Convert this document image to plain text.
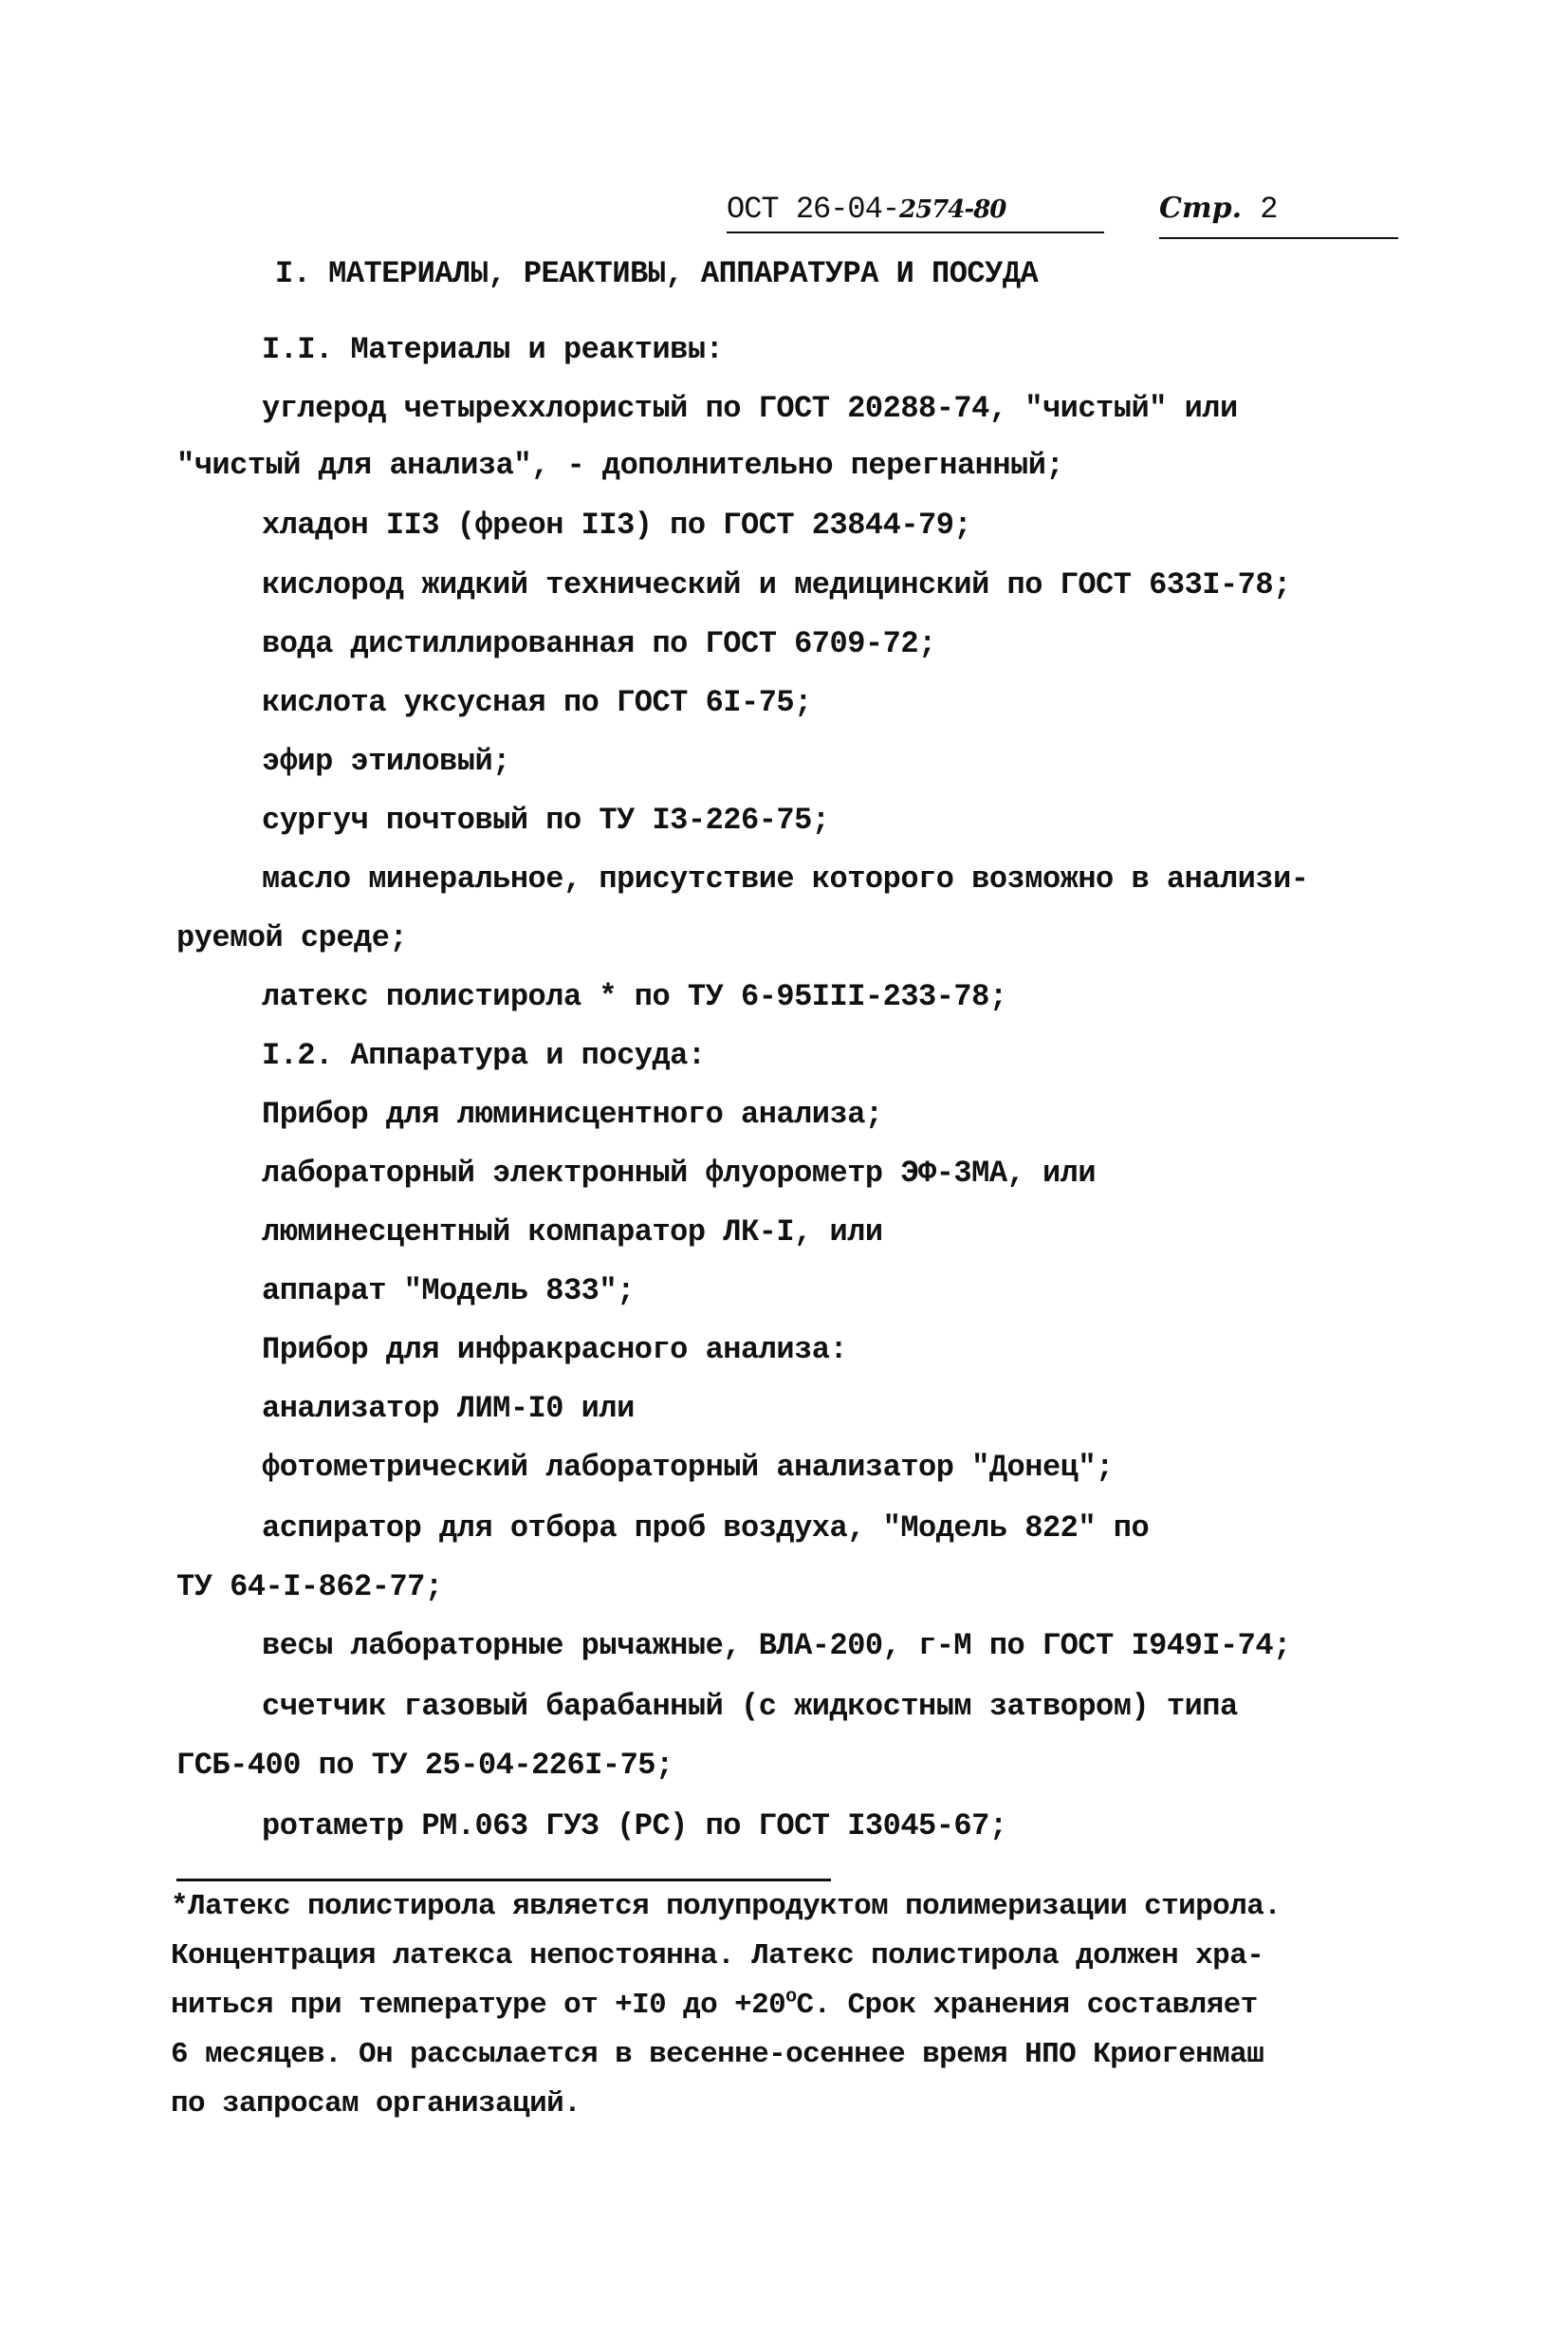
ОСТ 26-04-2574-80	Стр. 2
I. МАТЕРИАЛЫ, РЕАКТИВЫ, АППАРАТУРА И ПОСУДА
I.I. Материалы и реактивы:
углерод четыреххлористый по ГОСТ 20288-74, "чистый" или
"чистый для анализа", - дополнительно перегнанный;
хладон II3 (фреон II3) по ГОСТ 23844-79;
кислород жидкий технический и медицинский по ГОСТ 633I-78;
вода дистиллированная по ГОСТ 6709-72;
кислота уксусная по ГОСТ 6I-75;
эфир этиловый;
сургуч почтовый по ТУ I3-226-75;
масло минеральное, присутствие которого возможно в анализи-
руемой среде;
латекс полистирола * по ТУ 6-95III-233-78;
I.2. Аппаратура и посуда:
Прибор для люминисцентного анализа;
лабораторный электронный флуорометр ЭФ-3МА, или
люминесцентный компаратор ЛК-I, или
аппарат "Модель 833";
Прибор для инфракрасного анализа:
анализатор ЛИМ-I0 или
фотометрический лабораторный анализатор "Донец";
аспиратор для отбора проб воздуха, "Модель 822" по
ТУ 64-I-862-77;
весы лабораторные рычажные, ВЛА-200, г-М по ГОСТ I949I-74;
счетчик газовый барабанный (с жидкостным затвором) типа
ГСБ-400 по ТУ 25-04-226I-75;
ротаметр РМ.063 ГУЗ (РС) по ГОСТ I3045-67;
*Латекс полистирола является полупродуктом полимеризации стирола.
Концентрация латекса непостоянна. Латекс полистирола должен хра-
ниться при температуре от +I0 до $+20^oС$. Срок хранения составляет
6 месяцев. Он рассылается в весенне-осеннее время НПО Криогенмаш
по запросам организаций.
